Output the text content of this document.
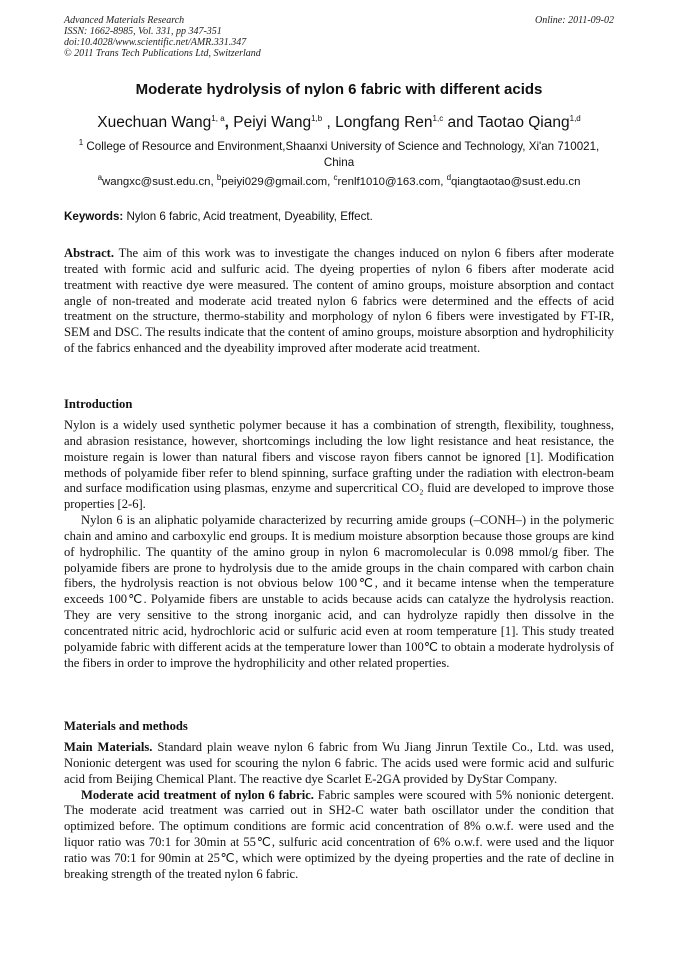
Advanced Materials Research
ISSN: 1662-8985, Vol. 331, pp 347-351
doi:10.4028/www.scientific.net/AMR.331.347
© 2011 Trans Tech Publications Ltd, Switzerland
Online: 2011-09-02
Moderate hydrolysis of nylon 6 fabric with different acids
Xuechuan Wang$^{1, a}$, Peiyi Wang$^{1,b}$ , Longfang Ren$^{1,c}$ and Taotao Qiang$^{1,d}$
$^1$ College of Resource and Environment,Shaanxi University of Science and Technology, Xi'an 710021, China
$^a$wangxc@sust.edu.cn, $^b$peiyi029@gmail.com, $^c$renlf1010@163.com, $^d$qiangtaotao@sust.edu.cn
Keywords: Nylon 6 fabric, Acid treatment, Dyeability, Effect.

Abstract. The aim of this work was to investigate the changes induced on nylon 6 fibers after moderate treated with formic acid and sulfuric acid. The dyeing properties of nylon 6 fibers after moderate acid treatment with reactive dye were measured. The content of amino groups, moisture absorption and contact angle of non-treated and moderate acid treated nylon 6 fabrics were determined and the effects of acid treatment on the structure, thermo-stability and morphology of nylon 6 fibers were investigated by FT-IR, SEM and DSC. The results indicate that the content of amino groups, moisture absorption and hydrophilicity of the fabrics enhanced and the dyeability improved after moderate acid treatment.

Introduction

Nylon is a widely used synthetic polymer because it has a combination of strength, flexibility, toughness, and abrasion resistance, however, shortcomings including the low light resistance and heat resistance, the moisture regain is lower than natural fibers and viscose rayon fibers cannot be ignored [1]. Modification methods of polyamide fiber refer to blend spinning, surface grafting under the radiation with electron-beam and surface modification using plasmas, enzyme and supercritical CO₂ fluid are developed to improve those properties [2-6].

Nylon 6 is an aliphatic polyamide characterized by recurring amide groups (–CONH–) in the polymeric chain and amino and carboxylic end groups. It is medium moisture absorption because those groups are kind of hydrophilic. The quantity of the amino group in nylon 6 macromolecular is 0.098 mmol/g fiber. The polyamide fibers are prone to hydrolysis due to the amide groups in the chain compared with carbon chain fibers, the hydrolysis reaction is not obvious below 100℃, and it became intense when the temperature exceeds 100℃. Polyamide fibers are unstable to acids because acids can catalyze the hydrolysis reaction. They are very sensitive to the strong inorganic acid, and can hydrolyze rapidly then dissolve in the concentrated nitric acid, hydrochloric acid or sulfuric acid even at room temperature [1]. This study treated polyamide fabric with different acids at the temperature lower than 100℃ to obtain a moderate hydrolysis of the fibers in order to improve the hydrophilicity and other related properties.

Materials and methods

Main Materials. Standard plain weave nylon 6 fabric from Wu Jiang Jinrun Textile Co., Ltd. was used, Nonionic detergent was used for scouring the nylon 6 fabric. The acids used were formic acid and sulfuric acid from Beijing Chemical Plant. The reactive dye Scarlet E-2GA provided by DyStar Company.

Moderate acid treatment of nylon 6 fabric. Fabric samples were scoured with 5% nonionic detergent. The moderate acid treatment was carried out in SH2-C water bath oscillator under the condition that optimized before. The optimum conditions are formic acid concentration of 8% o.w.f. were used and the liquor ratio was 70:1 for 30min at 55℃, sulfuric acid concentration of 6% o.w.f. were used and the liquor ratio was 70:1 for 90min at 25℃, which were optimized by the dyeing properties and the rate of decline in breaking strength of the treated nylon 6 fabric.
